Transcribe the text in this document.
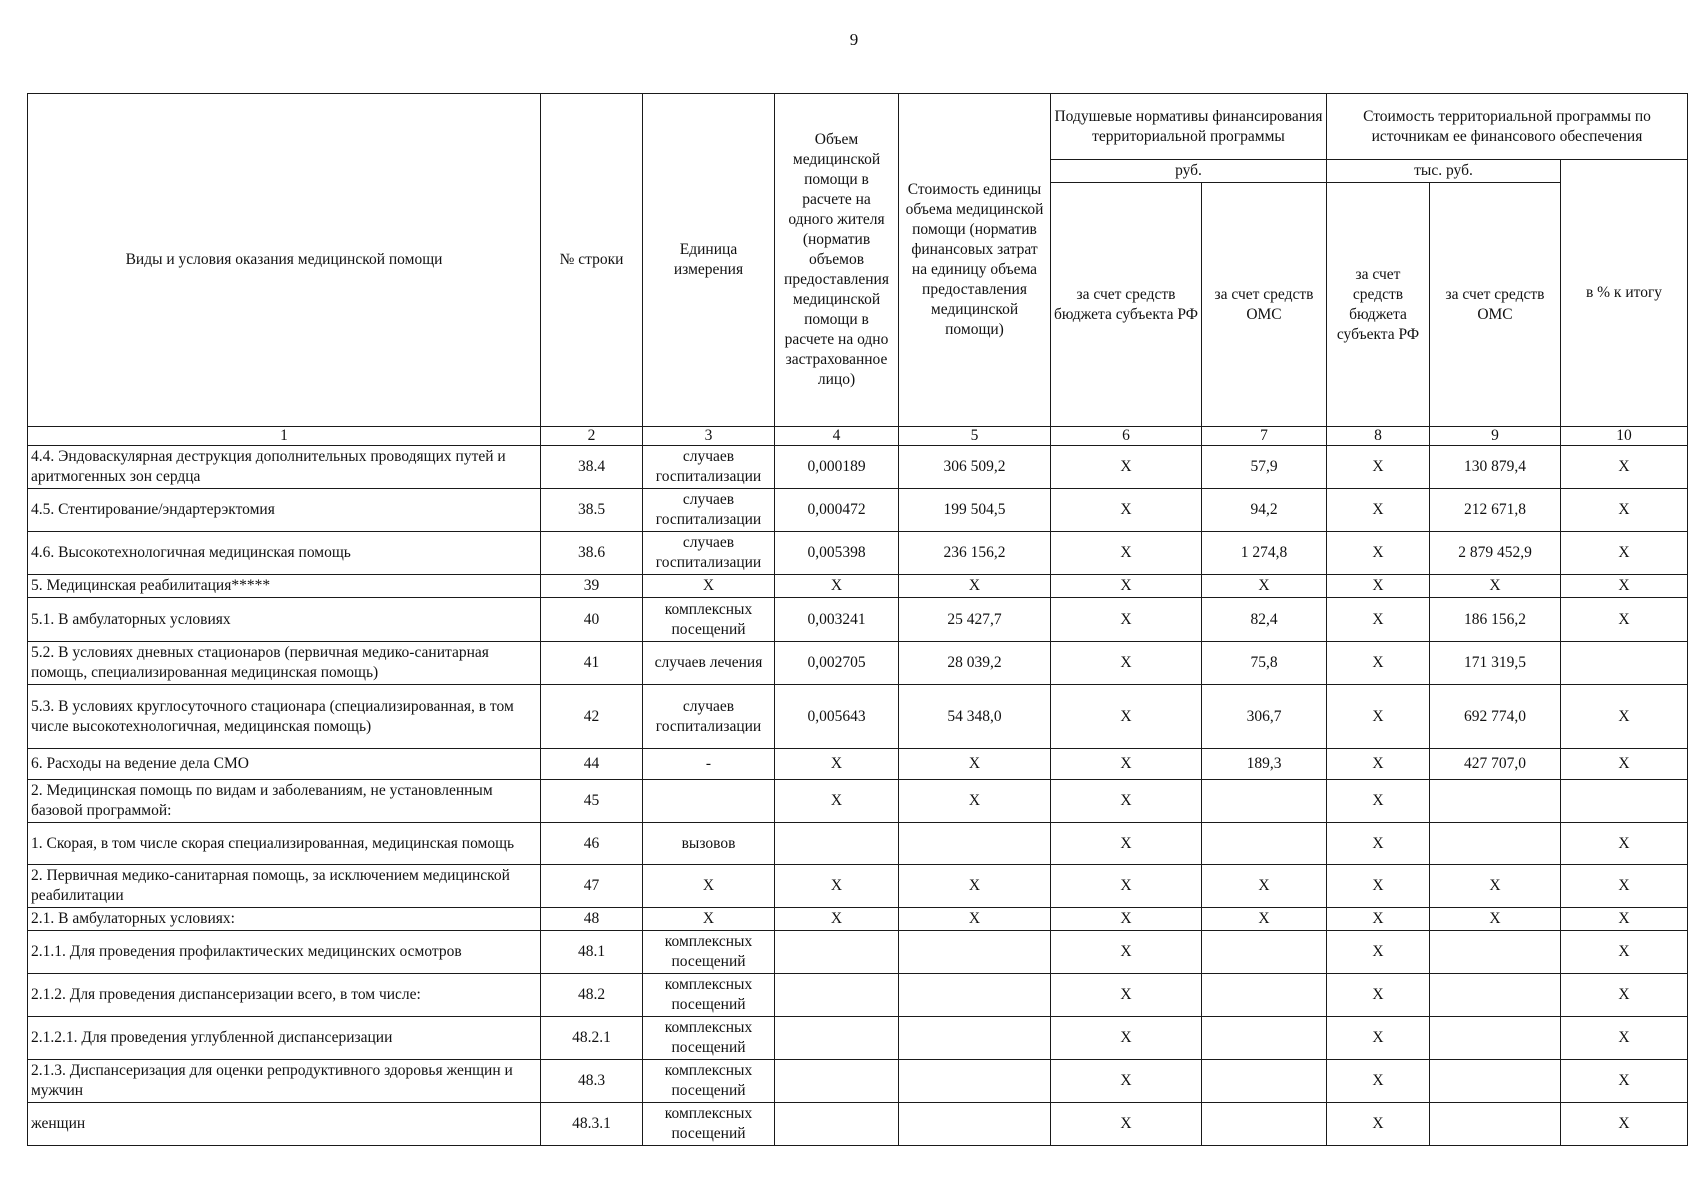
9
Виды и условия оказания медицинской помощи	№ строки	Единица измерения	Объем медицинской помощи в расчете на одного жителя (норматив объемов предоставления медицинской помощи в расчете на одно застрахованное лицо)	Стоимость единицы объема медицинской помощи (норматив финансовых затрат на единицу объема предоставления медицинской помощи)	Подушевые нормативы финансирования территориальной программы		Стоимость территориальной программы по источникам ее финансового обеспечения		
					руб.		тыс. руб.		в % к итогу
					за счет средств бюджета субъекта РФ	за счет средств ОМС	за счет средств бюджета субъекта РФ	за счет средств ОМС	
1	2	3	4	5	6	7	8	9	10
4.4. Эндоваскулярная деструкция дополнительных проводящих путей и аритмогенных зон сердца	38.4	случаев госпитализации	0,000189	306 509,2	X	57,9	X	130 879,4	X
4.5. Стентирование/эндартерэктомия	38.5	случаев госпитализации	0,000472	199 504,5	X	94,2	X	212 671,8	X
4.6. Высокотехнологичная медицинская помощь	38.6	случаев госпитализации	0,005398	236 156,2	X	1 274,8	X	2 879 452,9	X
5. Медицинская реабилитация*****	39	X	X	X	X	X	X	X	X
5.1. В амбулаторных условиях	40	комплексных посещений	0,003241	25 427,7	X	82,4	X	186 156,2	X
5.2. В условиях дневных стационаров (первичная медико-санитарная помощь, специализированная медицинская помощь)	41	случаев лечения	0,002705	28 039,2	X	75,8	X	171 319,5	
5.3. В условиях круглосуточного стационара (специализированная, в том числе высокотехнологичная, медицинская помощь)	42	случаев госпитализации	0,005643	54 348,0	X	306,7	X	692 774,0	X
6. Расходы на ведение дела СМО	44	-	X	X	X	189,3	X	427 707,0	X
2. Медицинская помощь по видам и заболеваниям, не установленным базовой программой:	45		X	X	X		X		
1. Скорая, в том числе скорая специализированная, медицинская помощь	46	вызовов			X		X		X
2. Первичная медико-санитарная помощь, за исключением медицинской реабилитации	47	X	X	X	X	X	X	X	X
2.1. В амбулаторных условиях:	48	X	X	X	X	X	X	X	X
2.1.1. Для проведения профилактических медицинских осмотров	48.1	комплексных посещений			X		X		X
2.1.2. Для проведения диспансеризации всего, в том числе:	48.2	комплексных посещений			X		X		X
2.1.2.1. Для проведения углубленной диспансеризации	48.2.1	комплексных посещений			X		X		X
2.1.3. Диспансеризация для оценки репродуктивного здоровья женщин и мужчин	48.3	комплексных посещений			X		X		X
женщин	48.3.1	комплексных посещений			X		X		X
